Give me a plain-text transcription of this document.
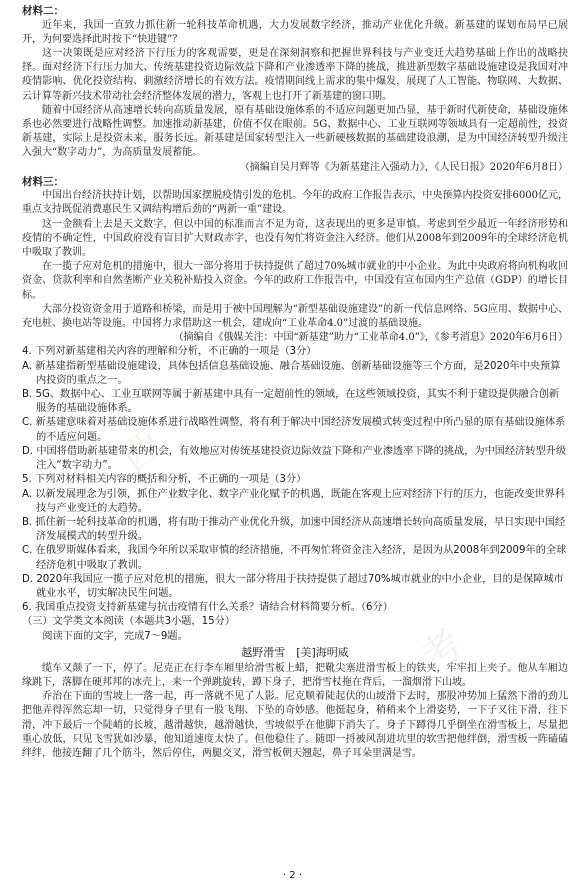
江
西
考

材料二：

近年来，我国一直致力抓住新一轮科技革命机遇，大力发展数字经济，推动产业优化升级。新基建的谋划布局早已展开，为何要选择此时按下“快进键”？

这一决策既是应对经济下行压力的客观需要，更是在深刻洞察和把握世界科技与产业变迁大趋势基础上作出的战略抉择。面对经济下行压力加大、传统基建投资边际效益下降和产业渗透率下降的挑战，推进新型数字基础设施建设是我国对冲疫情影响、优化投资结构、刺激经济增长的有效方法。疫情期间线上需求的集中爆发，展现了人工智能、物联网、大数据、云计算等新兴技术带动社会经济整体发展的潜力，客观上也打开了新基建的窗口期。

随着中国经济从高速增长转向高质量发展，原有基础设施体系的不适应问题更加凸显，基于新时代新使命，基础设施体系也必然要进行战略性调整。加速推动新基建，价值不仅在眼前。5G、数据中心、工业互联网等领域具有一定超前性，投资新基建，实际上是投资未来，服务长远。新基建是国家转型注入一些新硬核数据的基础建设浪潮，是为中国经济转型升级注入强大“数字动力”，为高质量发展蓄能。

（摘编自吴月辉等《为新基建注入强动力》，《人民日报》2020年6月8日）

材料三：

中国出台经济扶持计划，以帮助国家摆脱疫情引发的危机。今年的政府工作报告表示，中央预算内投资安排6000亿元，重点支持既促消费惠民生又调结构增后劲的“两新一重”建设。

这一金额看上去是天文数字，但以中国的标准而言不足为奇，这表现出的更多是审慎。考虑到至少最近一年经济形势和疫情的不确定性，中国政府没有盲目扩大财政赤字，也没有匆忙将资金注入经济。他们从2008年到2009年的全球经济危机中吸取了教训。

在一揽子应对危机的措施中，很大一部分将用于扶持提供了超过70%城市就业的中小企业。为此中央政府将向机构收回资金、贷款利率和自然垄断产业关税补贴投入资金。今年的政府工作报告中，中国没有宣布国内生产总值（GDP）的增长目标。

大部分投资资金用于道路和桥梁，而是用于被中国理解为“新型基础设施建设”的新一代信息网络、5G应用、数据中心、充电桩、换电站等设施。中国将力求借助这一机会，建成向“工业革命4.0”过渡的基础设施。

（摘编自《俄媒关注：中国“新基建”助力“工业革命4.0”》，《参考消息》2020年6月6日）

4. 下列对新基建相关内容的理解和分析，不正确的一项是（3分）

A. 新基建指新型基础设施建设，具体包括信息基础设施、融合基础设施、创新基础设施等三个方面，是2020年中央预算内投资的重点之一。

B. 5G、数据中心、工业互联网等属于新基建中具有一定超前性的领域，在这些领域投资，其实不利于建设提供融合创新服务的基础设施体系。

C. 新基建意味着对基础设施体系进行战略性调整，将有利于解决中国经济发展模式转变过程中所凸显的原有基础设施体系的不适应问题。

D. 中国将借助新基建带来的机会，有效地应对传统基建投资边际效益下降和产业渗透率下降的挑战，为中国经济转型升级注入“数字动力”。

5. 下列对材料相关内容的概括和分析，不正确的一项是（3分）

A. 以新发展理念为引领，抓住产业数字化、数字产业化赋予的机遇，既能在客观上应对经济下行的压力，也能改变世界科技与产业变迁的大趋势。

B. 抓住新一轮科技革命的机遇，将有助于推动产业优化升级，加速中国经济从高速增长转向高质量发展，早日实现中国经济发展模式的转型升级。

C. 在俄罗斯媒体看来，我国今年所以采取审慎的经济措施，不再匆忙将资金注入经济，是因为从2008年到2009年的全球经济危机中吸取了教训。

D. 2020年我国应一揽子应对危机的措施，很大一部分将用于扶持提供了超过70%城市就业的中小企业，目的是保障城市就业水平，切实解决民生问题。

6. 我国重点投资支持新基建与抗击疫情有什么关系？请结合材料简要分析。（6分）

（三）文学类文本阅读（本题共3小题，15分）

阅读下面的文字，完成7～9题。

越野滑雪　[美]海明威

缆车又颠了一下，停了。尼克正在行李车厢里给滑雪板上蜡，把靴尖塞进滑雪板上的铁夹，牢牢扣上夹子。他从车厢边缘跳下，落脚在硬邦邦的冰壳上，来一个弹跳旋转，蹲下身子，把滑雪杖拖在背后，一溜烟滑下山坡。

乔治在下面的雪坡上一落一起，再一落就不见了人影。尼克顺着陡起伏的山坡滑下去时，那股冲势加上猛然下滑的劲儿把他弄得浑然忘却一切，只觉得身子里有一股飞翔、下坠的奇妙感。他挺起身，稍稍来个上滑姿势，一下子又往下滑，往下滑，冲下最后一个陡峭的长坡，越滑越快，越滑越快，雪坡似乎在他脚下消失了。身子下蹲得几乎倒坐在滑雪板上，尽量把重心放低，只见飞雪犹如沙暴，他知道速度太快了。但他稳住了。随即一捋被风刮进坑里的软雪把他绊倒，滑雪板一阵磕磕绊绊，他接连翻了几个筋斗，然后停住，两腿交叉，滑雪板朝天翘起，鼻子耳朵里满是雪。

· 2 ·
